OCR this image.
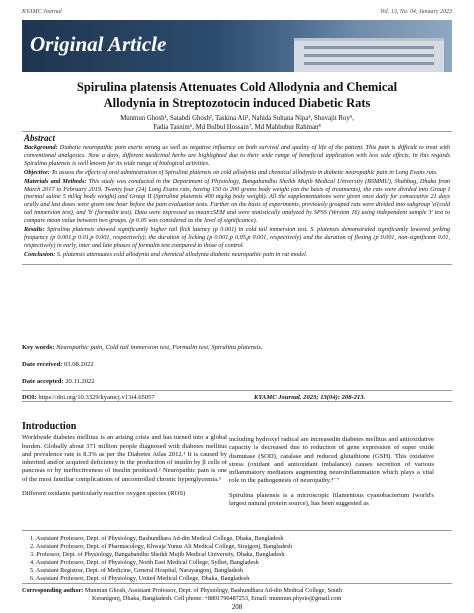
KYAMC Journal	Vol. 13, No. 04, January 2023
Original Article
Spirulina platensis Attenuates Cold Allodynia and Chemical
Allodynia in Streptozotocin induced Diabetic Rats
Munmun Ghosh¹, Satabdi Ghosh², Taskina Ali³, Nahida Sultana Nipa⁴, Shuvajit Roy⁵,
Fadia Tasnim⁶, Md Bulbul Hossain⁷, Md Mahbubur Rahman⁸
Abstract

Background: Diabetic neuropathic pain exerts strong as well as negative influence on both survival and quality of life of the patient. This pain is difficult to treat with conventional analgesics. Now a days, different medicinal herbs are highlighted due to their wide range of beneficial application with less side effects. In this regards Spirulina platensis is well known for its wide range of biological activities.

Objective: To assess the effects of oral administration of Spirulina platensis on cold allodynia and chemical allodynia in diabetic neuropathic pain in Long Evans rats.

Materials and Methods: This study was conducted in the Department of Physiology, Bangabandhu Sheikh Mujib Medical University (BSMMU), Shahbag, Dhaka from March 2017 to February 2019. Twenty four (24) Long Evans rats, having 150 to 200 grams body weight (on the basis of treatments), the rats were divided into Group I (normal saline 5 ml/kg body weight) and Group II (Spirulina platensis 400 mg/kg body weight). All the supplementations were given once daily for consecutive 21 days orally and last doses were given one hour before the pain evaluation tests. Further on the basis of experiments, previously grouped rats were divided into subgroup 'a'(cold tail immersion test), and 'b' (formalin test). Data were expressed as mean±SEM and were statistically analyzed by SPSS (Version 16) using independent sample 't' test to compare mean value between two groups. (p 0.05 was considered as the level of significance).

Results: Spirulina platensis showed significantly higher tail flick latency (p 0.001) in cold tail immersion test. S. platensis demonstrated significantly lowered jerking frequency (p 0.001,p 0.01,p 0.001, respectively); the duration of licking (p 0.001,p 0.05,p 0.001, respectively) and the duration of flexing (p 0.001, non-significant 0.01, respectively) in early, inter and late phases of formalin test compared to those of control.

Conclusion: S. platensis attenuates cold allodynia and chemical allodynia diabetic neuropathic pain in rat model.

Key words: Neuropathic pain, Cold tail immersion test, Formalin test, Spirulina platensis.

Date received: 03.08.2022

Date accepted: 20.11.2022

DOI: https://doi.org/10.3329/kyamcj.v13i4.65057	KYAMC Journal. 2023; 13(04): 208-213.
Introduction

Worldwide diabetes mellitus is an arising crisis and has turned into a global burden. Globally about 371 million people diagnosed with diabetes mellitus and prevalence rate is 8.3% as per the Diabetes Atlas 2012.¹ It is caused by inherited and/or acquired deficiency in the production of insulin by β cells of pancreas or by ineffectiveness of insulin produced.² Neuropathic pain is one of the most familiar complications of uncontrolled chronic hyperglycemia.³

Different oxidants particularly reactive oxygen species (ROS)

including hydroxyl radical are increasedin diabetes mellitus and antioxidative capacity is decreased due to reduction of gene expression of super oxide dismutase (SOD), catalase and reduced glutathione (GSH). This oxidative stress (oxidant and antioxidant imbalance) causes secretion of various inflammatory mediators augmenting neuroinflammation which plays a vital role in the pathogenesis of neuropathy.⁴⁻⁷

Spirulina platensis is a microscopic filamentous cyanobacterium (world's largest natural protein source), has been suggested as

1. Assistant Professor, Dept. of Physiology, Bashundhara Ad-din Medical College, Dhaka, Bangladesh
2. Assistant Professor, Dept. of Pharmacology, Khwaja Yunus Ali Medical College, Sirajgonj, Bangladesh
3. Professor, Dept. of Physiology, Bangabandhu Sheikh Mujib Medical University, Dhaka, Bangladesh
4. Assistant Professor, Dept. of Physiology, North East Medical College, Sylhet, Bangladesh
5. Assistant Registrar, Dept. of Medicine, General Hospital, Narayangonj, Bangladesh
6. Assistant Professor, Dept. of Physiology, United Medical College, Dhaka, Bangladesh
Corresponding author: Munmun Ghosh, Assistant Professor, Dept. of Physiology, Bashundhara Ad-din Medical College, South
Keranigonj, Dhaka, Bangladesh. Cell phone: +8801790487253, Email: munmun.physio@gmail.com
208
